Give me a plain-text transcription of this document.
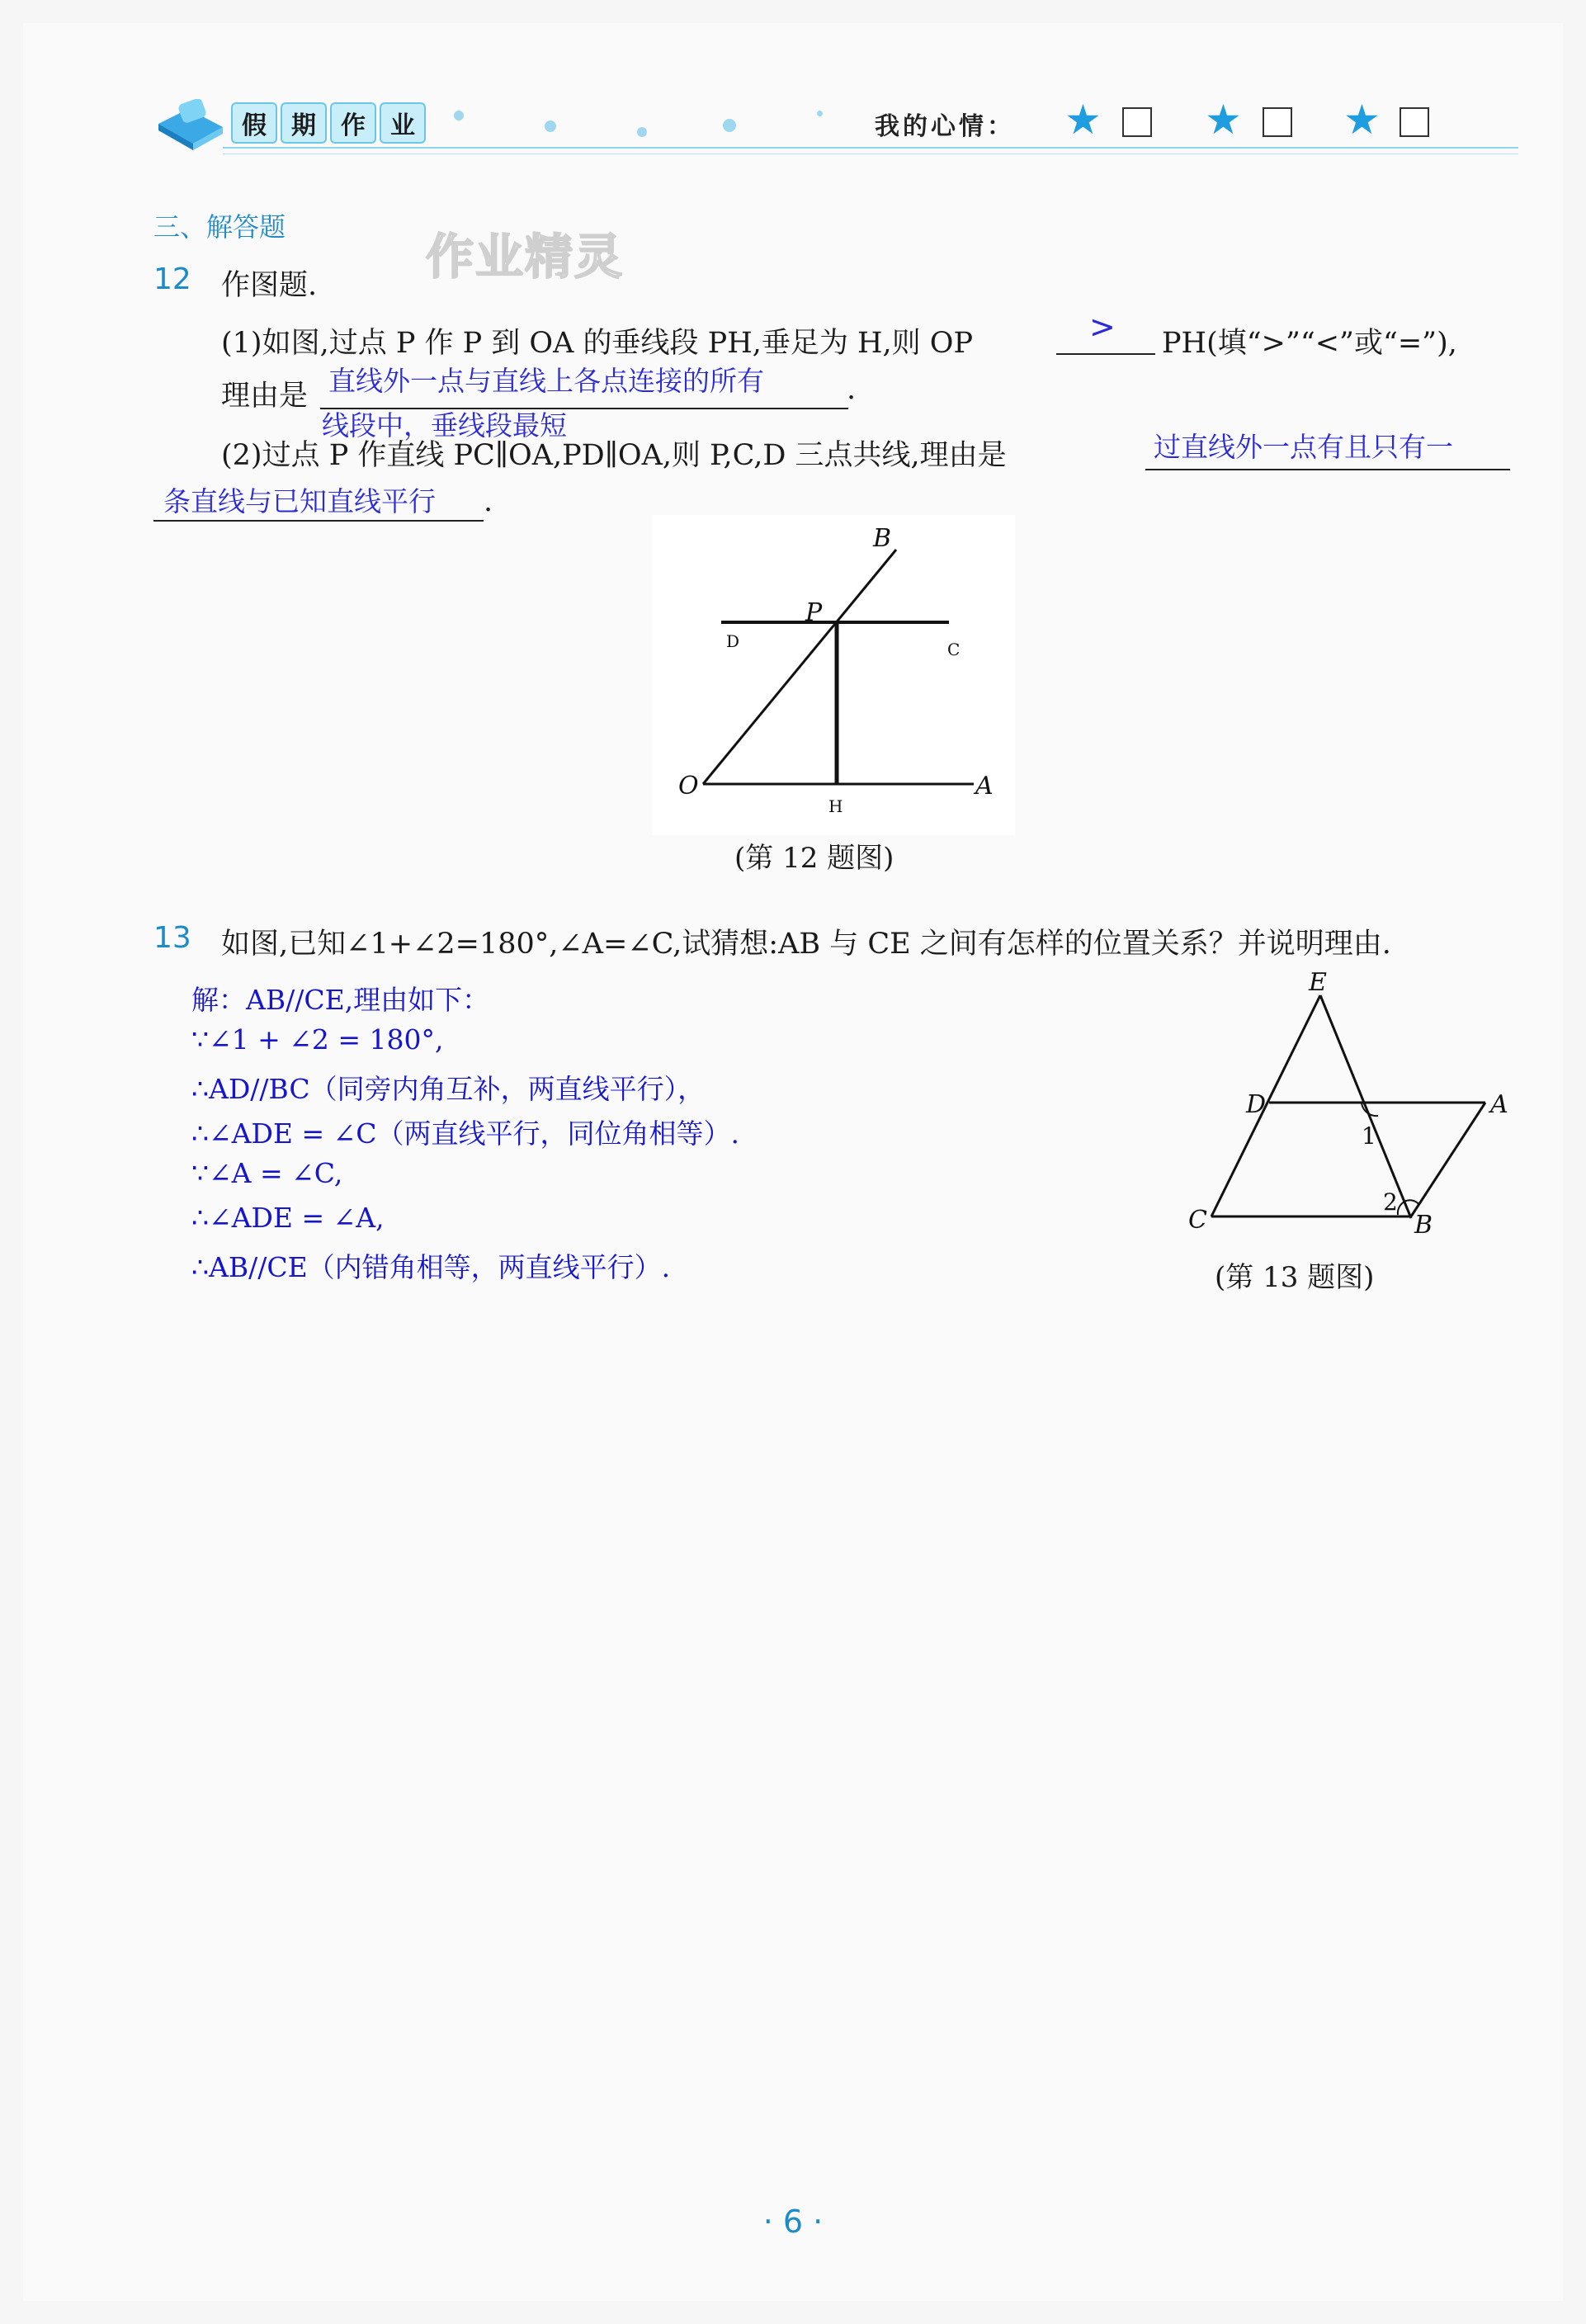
假	期	作	业	我的心情： ★	★ ★
三、解答题
作业精灵
12 作图题.
(1)如图,过点 P 作 P 到 OA 的垂线段 PH,垂足为 H,则 OP	> PH(填“>”“<”或“=”),
理由是 直线外一点与直线上各点连接的所有	.
线段中，垂线段最短
(2)过点 P 作直线 PC∥OA,PD∥OA,则 P,C,D 三点共线,理由是	过直线外一点有且只有一
条直线与已知直线平行 .
B
P
D	C
O	A
H
(第 12 题图)
13 如图,已知∠1+∠2=180°,∠A=∠C,试猜想:AB 与 CE 之间有怎样的位置关系？并说明理由.
解：AB//CE,理由如下：
∵∠1 + ∠2 = 180°,
∴AD//BC（同旁内角互补，两直线平行），
∴∠ADE = ∠C（两直线平行，同位角相等）.
∵∠A = ∠C,
∴∠ADE = ∠A,
∴AB//CE（内错角相等，两直线平行）.
E
D	A
C	B
1
2
(第 13 题图)
· 6 ·
